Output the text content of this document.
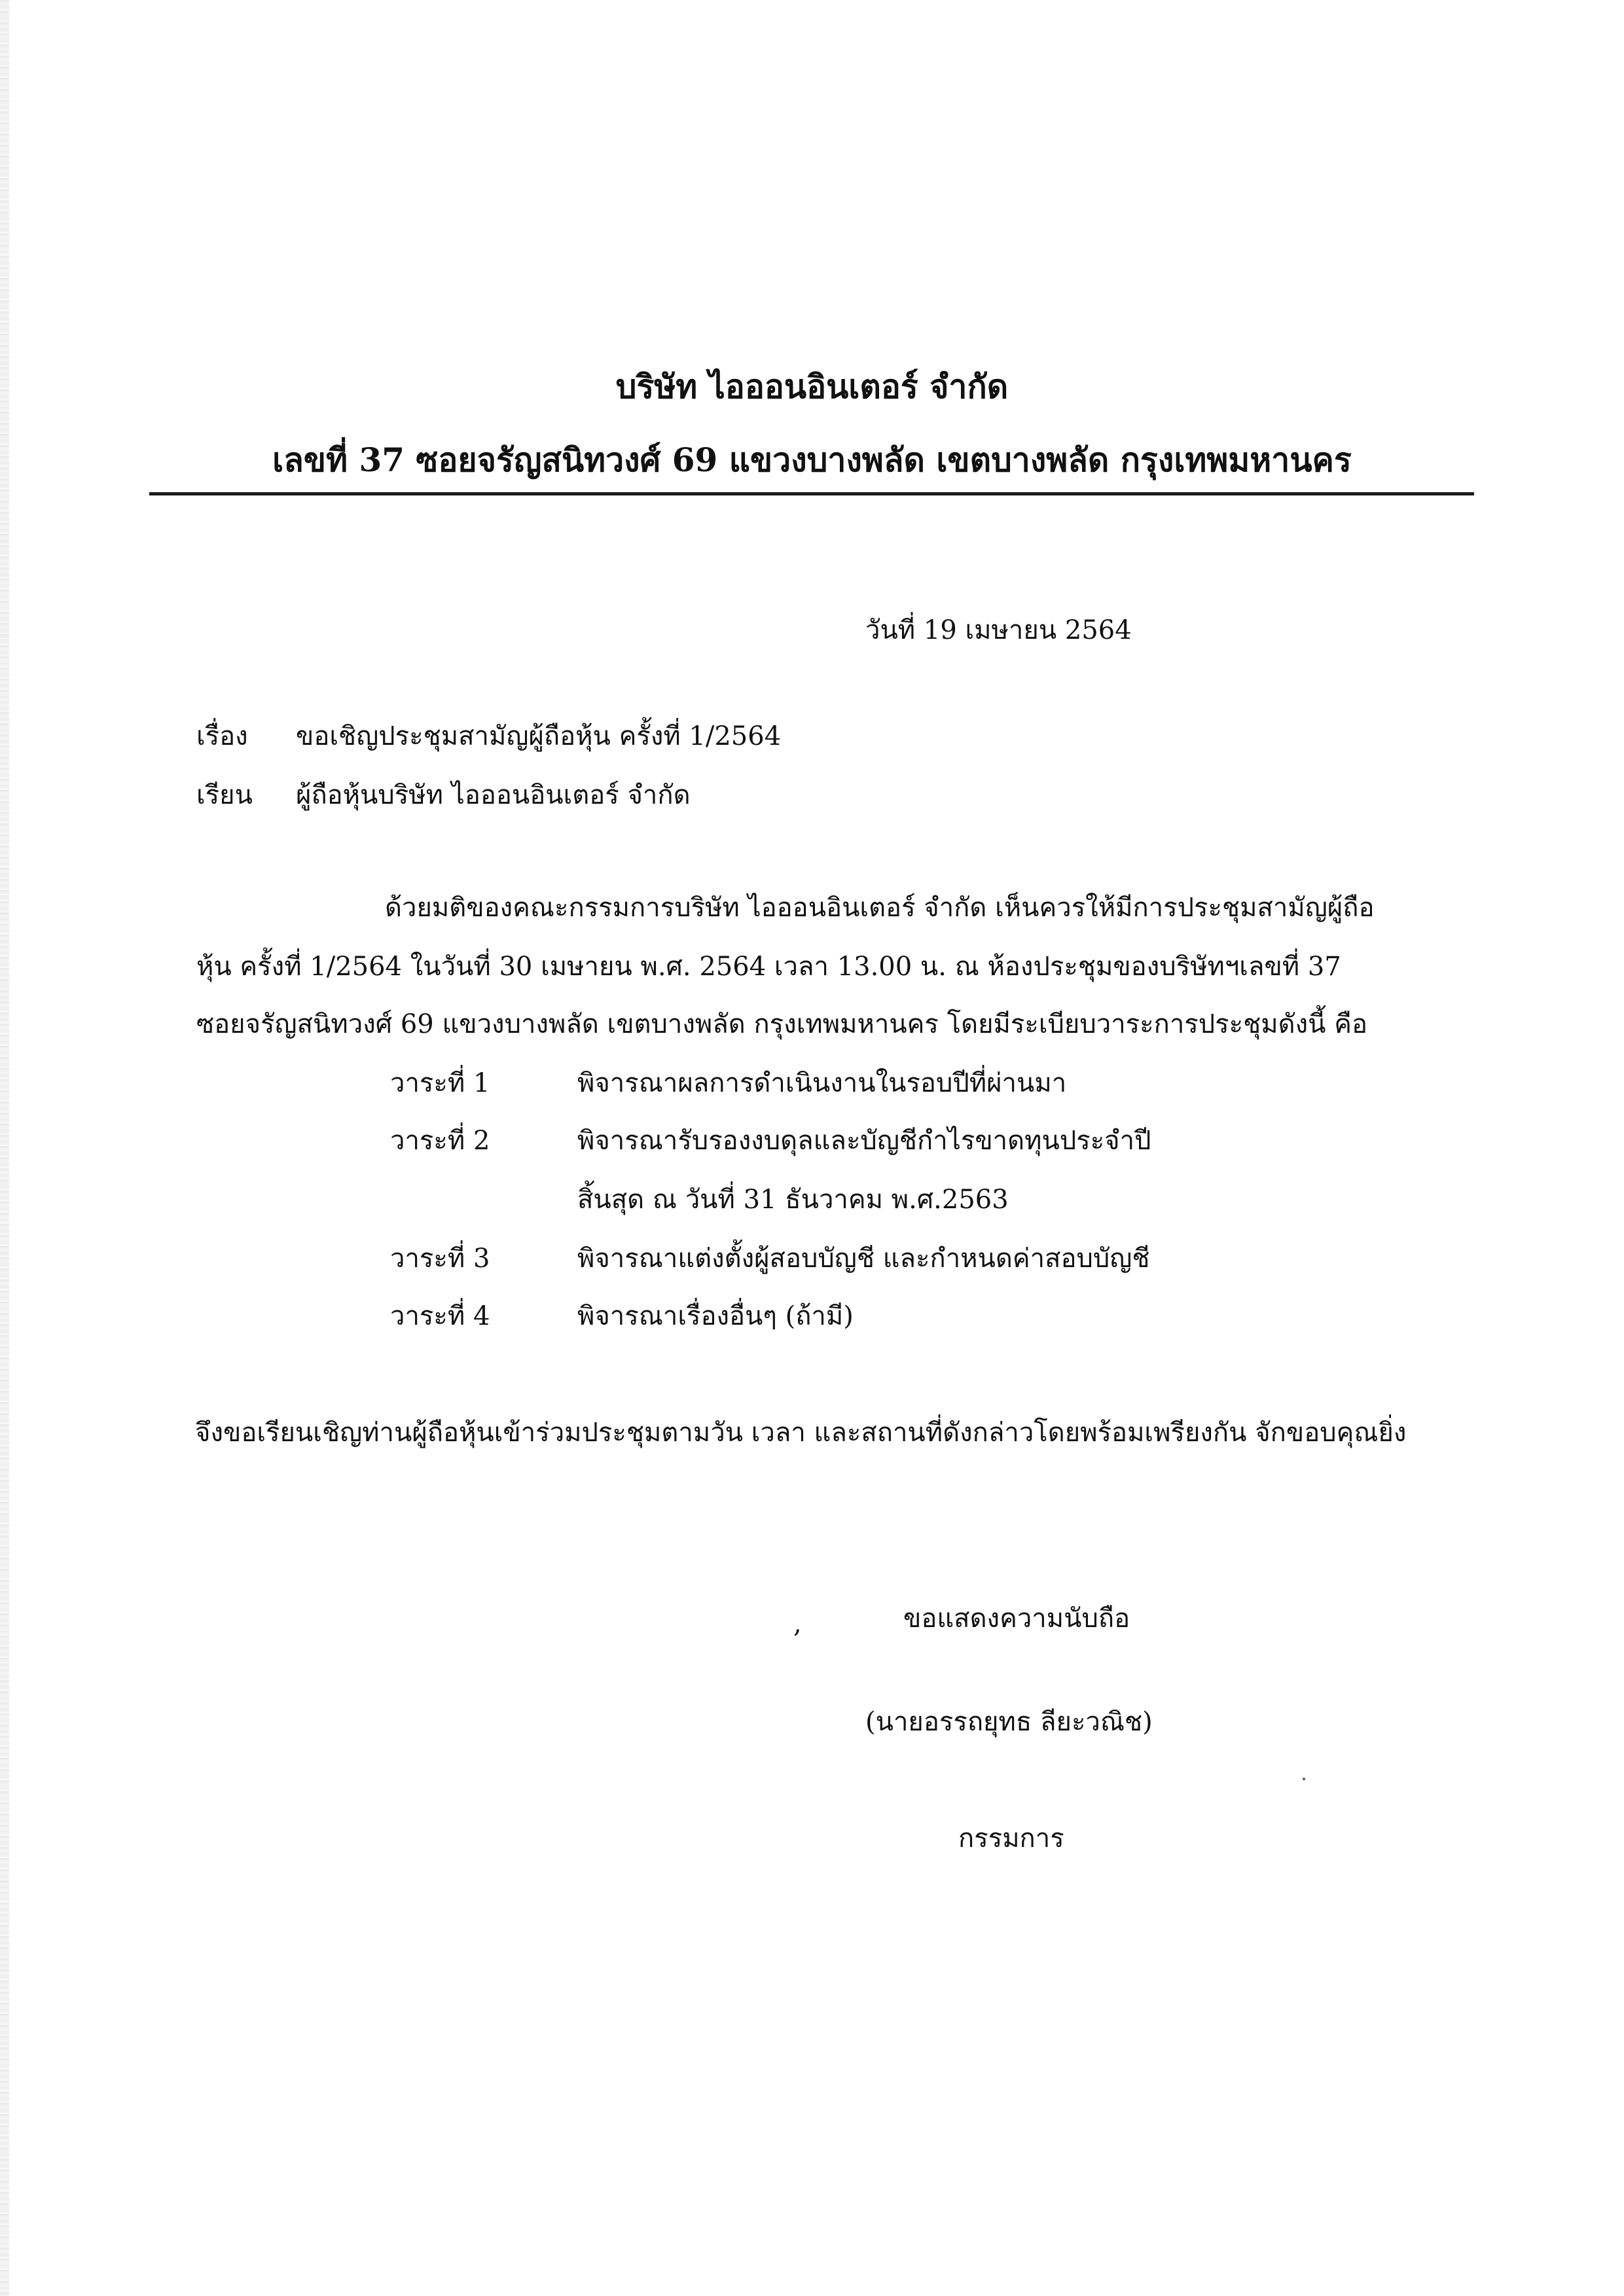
บริษัท ไอออนอินเตอร์ จำกัด
เลขที่ 37 ซอยจรัญสนิทวงศ์ 69 แขวงบางพลัด เขตบางพลัด กรุงเทพมหานคร
วันที่ 19 เมษายน 2564
เรื่อง ขอเชิญประชุมสามัญผู้ถือหุ้น ครั้งที่ 1/2564
เรียน ผู้ถือหุ้นบริษัท ไอออนอินเตอร์ จำกัด
ด้วยมติของคณะกรรมการบริษัท ไอออนอินเตอร์ จำกัด เห็นควรให้มีการประชุมสามัญผู้ถือ
หุ้น ครั้งที่ 1/2564 ในวันที่ 30 เมษายน พ.ศ. 2564 เวลา 13.00 น. ณ ห้องประชุมของบริษัทฯเลขที่ 37
ซอยจรัญสนิทวงศ์ 69 แขวงบางพลัด เขตบางพลัด กรุงเทพมหานคร โดยมีระเบียบวาระการประชุมดังนี้ คือ
วาระที่ 1	พิจารณาผลการดำเนินงานในรอบปีที่ผ่านมา
วาระที่ 2	พิจารณารับรองงบดุลและบัญชีกำไรขาดทุนประจำปี
สิ้นสุด ณ วันที่ 31 ธันวาคม พ.ศ.2563
วาระที่ 3	พิจารณาแต่งตั้งผู้สอบบัญชี และกำหนดค่าสอบบัญชี
วาระที่ 4	พิจารณาเรื่องอื่นๆ (ถ้ามี)
จึงขอเรียนเชิญท่านผู้ถือหุ้นเข้าร่วมประชุมตามวัน เวลา และสถานที่ดังกล่าวโดยพร้อมเพรียงกัน จักขอบคุณยิ่ง
,	ขอแสดงความนับถือ
(นายอรรถยุทธ ลียะวณิช)
กรรมการ
